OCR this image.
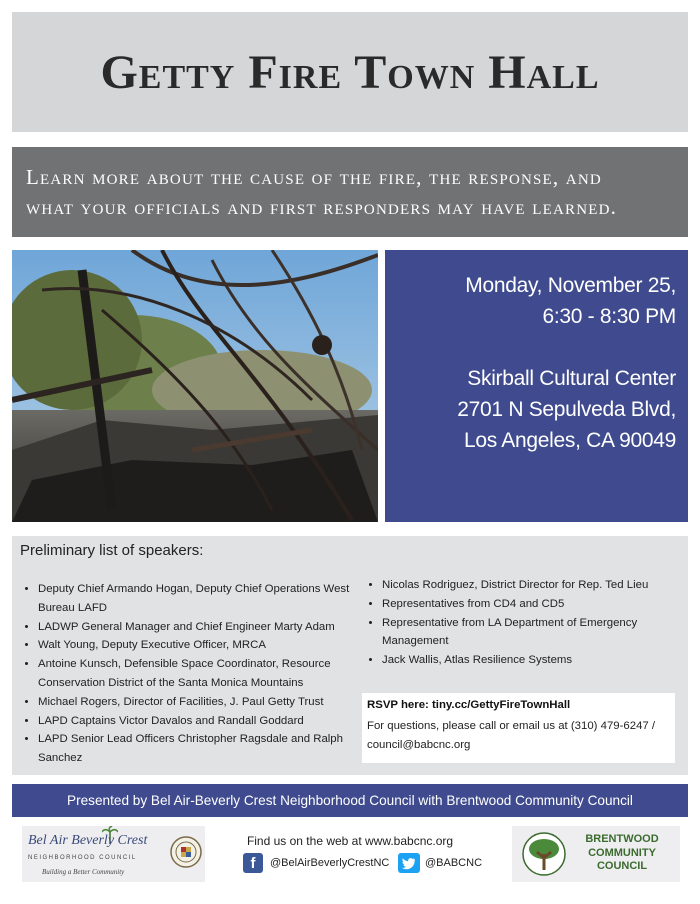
Getty Fire Town Hall
Learn more about the cause of the fire, the response, and
what your officials and first responders may have learned.
Monday, November 25,
6:30 - 8:30 PM
Skirball Cultural Center
2701 N Sepulveda Blvd,
Los Angeles, CA 90049
Preliminary list of speakers:
• Deputy Chief Armando Hogan, Deputy Chief Operations West Bureau LAFD
• LADWP General Manager and Chief Engineer Marty Adam
• Walt Young, Deputy Executive Officer, MRCA
• Antoine Kunsch, Defensible Space Coordinator, Resource Conservation District of the Santa Monica Mountains
• Michael Rogers, Director of Facilities, J. Paul Getty Trust
• LAPD Captains Victor Davalos and Randall Goddard
• LAPD Senior Lead Officers Christopher Ragsdale and Ralph Sanchez
• Nicolas Rodriguez, District Director for Rep. Ted Lieu
• Representatives from CD4 and CD5
• Representative from LA Department of Emergency Management
• Jack Wallis, Atlas Resilience Systems
RSVP here: tiny.cc/GettyFireTownHall
For questions, please call or email us at (310) 479-6247 / council@babcnc.org
Presented by Bel Air-Beverly Crest Neighborhood Council with Brentwood Community Council
Bel Air Beverly Crest
NEIGHBORHOOD COUNCIL
Building a Better Community
Find us on the web at www.babcnc.org
f	@BelAirBeverlyCrestNC	@BABCNC
BRENTWOOD
COMMUNITY
COUNCIL
